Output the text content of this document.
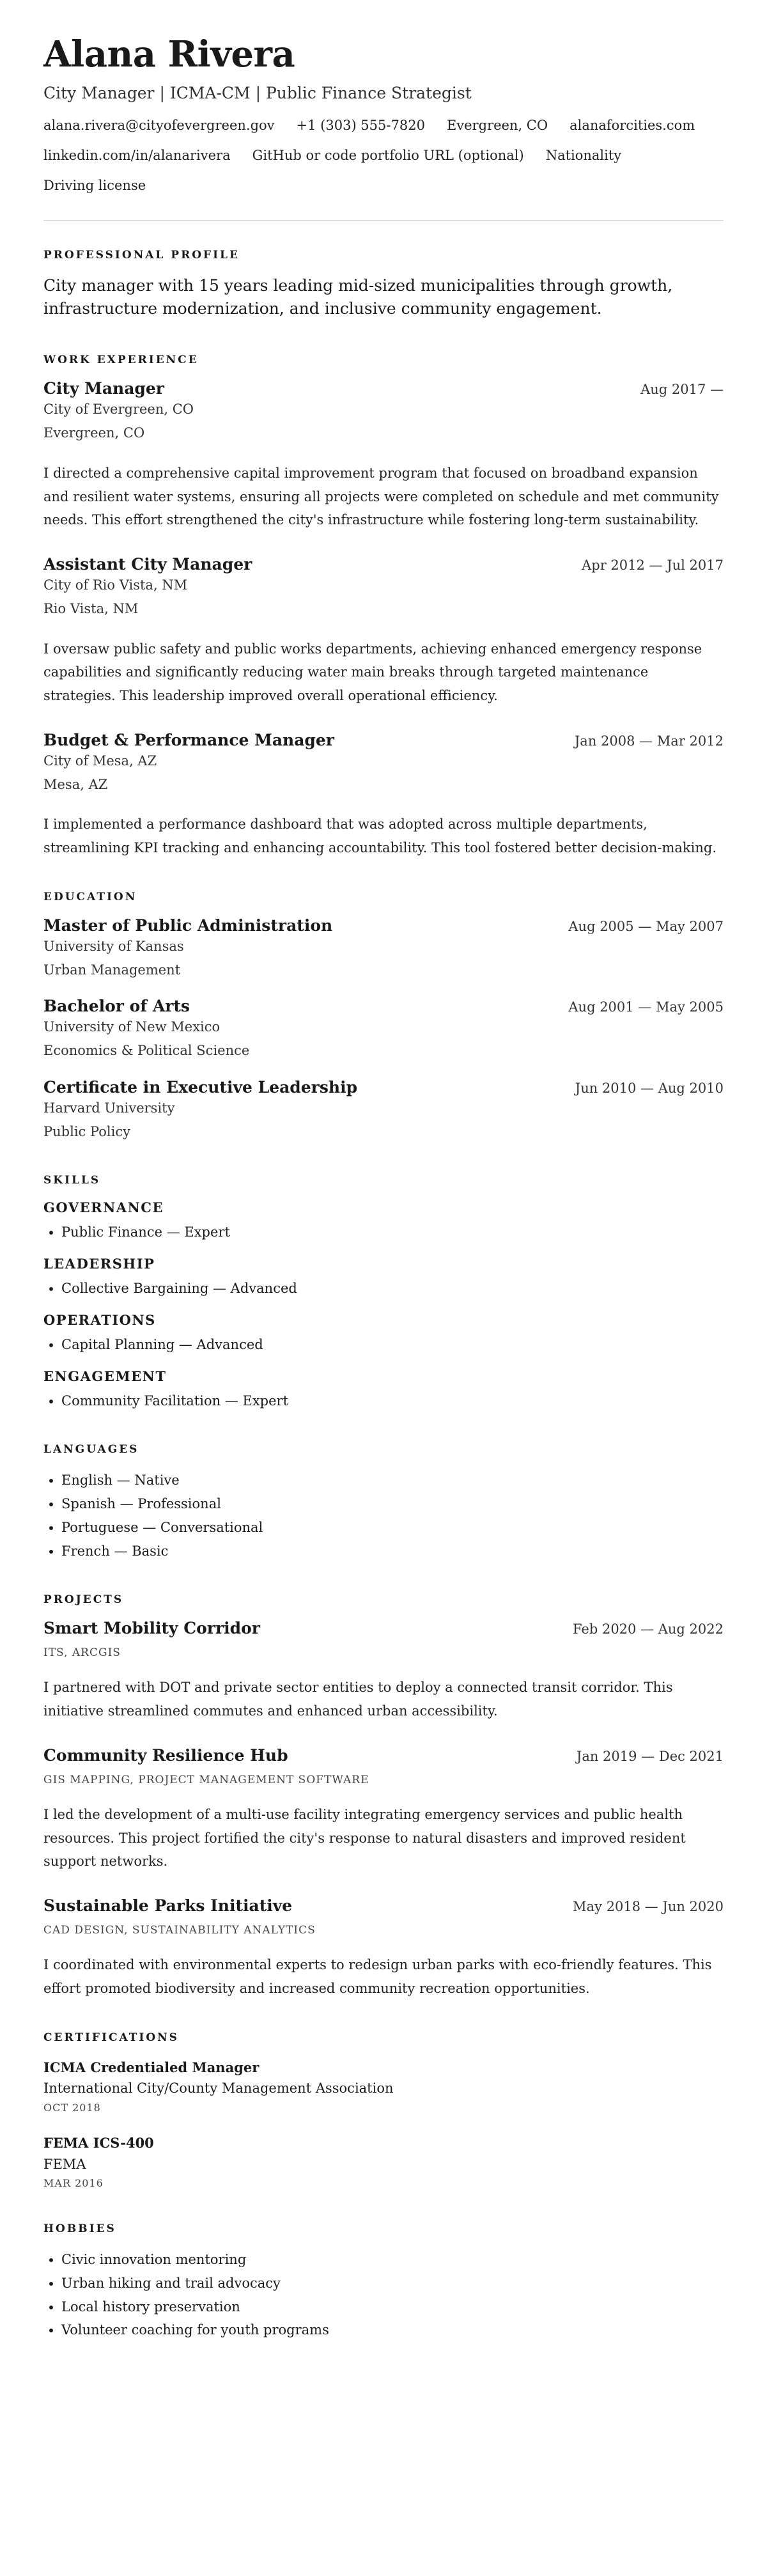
Alana Rivera
City Manager | ICMA-CM | Public Finance Strategist
alana.rivera@cityofevergreen.gov +1 (303) 555-7820 Evergreen, CO alanaforcities.com
linkedin.com/in/alanarivera GitHub or code portfolio URL (optional) Nationality
Driving license
PROFESSIONAL PROFILE
City manager with 15 years leading mid-sized municipalities through growth, infrastructure modernization, and inclusive community engagement.
WORK EXPERIENCE
City Manager	Aug 2017 —
City of Evergreen, CO
Evergreen, CO
I directed a comprehensive capital improvement program that focused on broadband expansion and resilient water systems, ensuring all projects were completed on schedule and met community needs. This effort strengthened the city's infrastructure while fostering long-term sustainability.
Assistant City Manager	Apr 2012 — Jul 2017
City of Rio Vista, NM
Rio Vista, NM
I oversaw public safety and public works departments, achieving enhanced emergency response capabilities and significantly reducing water main breaks through targeted maintenance strategies. This leadership improved overall operational efficiency.
Budget & Performance Manager	Jan 2008 — Mar 2012
City of Mesa, AZ
Mesa, AZ
I implemented a performance dashboard that was adopted across multiple departments, streamlining KPI tracking and enhancing accountability. This tool fostered better decision-making.
EDUCATION
Master of Public Administration	Aug 2005 — May 2007
University of Kansas
Urban Management
Bachelor of Arts	Aug 2001 — May 2005
University of New Mexico
Economics & Political Science
Certificate in Executive Leadership	Jun 2010 — Aug 2010
Harvard University
Public Policy
SKILLS
GOVERNANCE
• Public Finance — Expert
LEADERSHIP
• Collective Bargaining — Advanced
OPERATIONS
• Capital Planning — Advanced
ENGAGEMENT
• Community Facilitation — Expert
LANGUAGES
• English — Native
• Spanish — Professional
• Portuguese — Conversational
• French — Basic
PROJECTS
Smart Mobility Corridor	Feb 2020 — Aug 2022
ITS, ARCGIS
I partnered with DOT and private sector entities to deploy a connected transit corridor. This initiative streamlined commutes and enhanced urban accessibility.
Community Resilience Hub	Jan 2019 — Dec 2021
GIS MAPPING, PROJECT MANAGEMENT SOFTWARE
I led the development of a multi-use facility integrating emergency services and public health resources. This project fortified the city's response to natural disasters and improved resident support networks.
Sustainable Parks Initiative	May 2018 — Jun 2020
CAD DESIGN, SUSTAINABILITY ANALYTICS
I coordinated with environmental experts to redesign urban parks with eco-friendly features. This effort promoted biodiversity and increased community recreation opportunities.
CERTIFICATIONS
ICMA Credentialed Manager
International City/County Management Association
OCT 2018
FEMA ICS-400
FEMA
MAR 2016
HOBBIES
• Civic innovation mentoring
• Urban hiking and trail advocacy
• Local history preservation
• Volunteer coaching for youth programs
